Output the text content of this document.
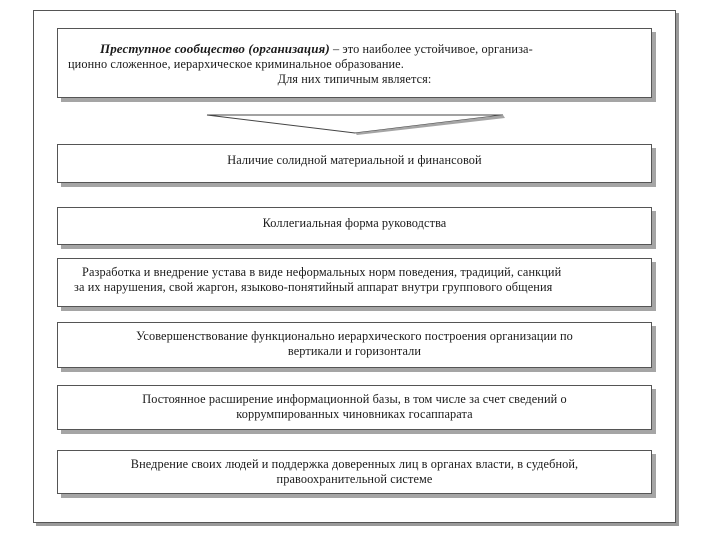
Преступное сообщество (организация) – это наиболее устойчивое, организа-
ционно сложенное, иерархическое криминальное образование.
Для них типичным является:
Наличие солидной материальной и финансовой
Коллегиальная форма руководства
Разработка и внедрение устава в виде неформальных норм поведения, традиций, санкций
за их нарушения, свой жаргон, языково-понятийный аппарат внутри группового общения
Усовершенствование функционально иерархического построения организации по
вертикали и горизонтали
Постоянное расширение информационной базы, в том числе за счет сведений о
коррумпированных чиновниках госаппарата
Внедрение своих людей и поддержка доверенных лиц в органах власти, в судебной,
правоохранительной системе
